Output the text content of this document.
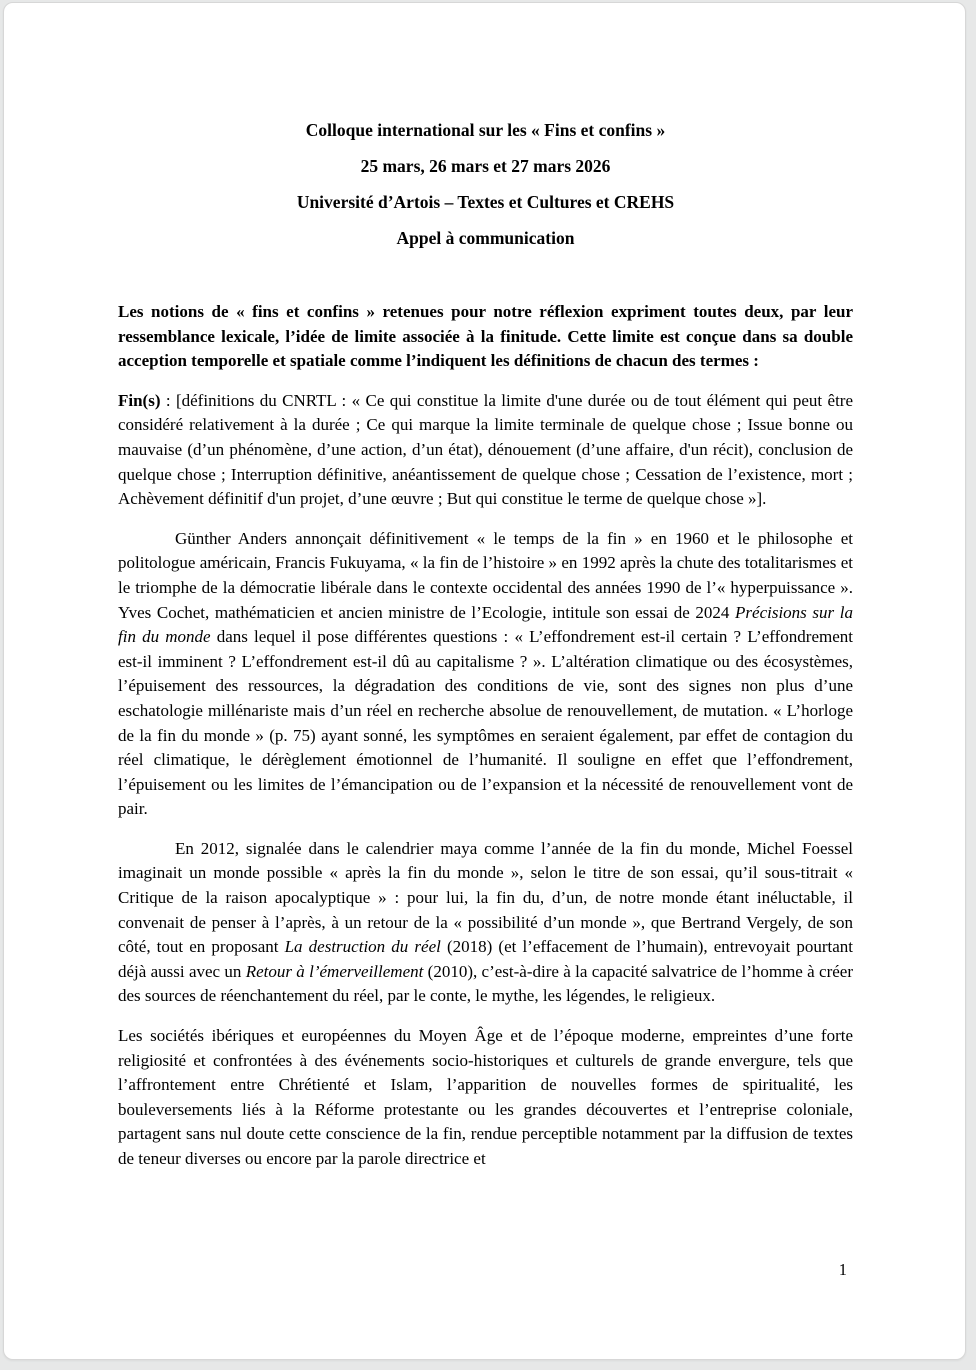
Colloque international sur les « Fins et confins »
25 mars, 26 mars et 27 mars 2026
Université d’Artois – Textes et Cultures et CREHS
Appel à communication

Les notions de « fins et confins » retenues pour notre réflexion expriment toutes deux, par leur ressemblance lexicale, l’idée de limite associée à la finitude. Cette limite est conçue dans sa double acception temporelle et spatiale comme l’indiquent les définitions de chacun des termes :

Fin(s) : [définitions du CNRTL : « Ce qui constitue la limite d'une durée ou de tout élément qui peut être considéré relativement à la durée ; Ce qui marque la limite terminale de quelque chose ; Issue bonne ou mauvaise (d’un phénomène, d’une action, d’un état), dénouement (d’une affaire, d'un récit), conclusion de quelque chose ; Interruption définitive, anéantissement de quelque chose ; Cessation de l’existence, mort ; Achèvement définitif d'un projet, d’une œuvre ; But qui constitue le terme de quelque chose »].

Günther Anders annonçait définitivement « le temps de la fin » en 1960 et le philosophe et politologue américain, Francis Fukuyama, « la fin de l’histoire » en 1992 après la chute des totalitarismes et le triomphe de la démocratie libérale dans le contexte occidental des années 1990 de l’« hyperpuissance ». Yves Cochet, mathématicien et ancien ministre de l’Ecologie, intitule son essai de 2024 Précisions sur la fin du monde dans lequel il pose différentes questions : « L’effondrement est-il certain ? L’effondrement est-il imminent ? L’effondrement est-il dû au capitalisme ? ». L’altération climatique ou des écosystèmes, l’épuisement des ressources, la dégradation des conditions de vie, sont des signes non plus d’une eschatologie millénariste mais d’un réel en recherche absolue de renouvellement, de mutation. « L’horloge de la fin du monde » (p. 75) ayant sonné, les symptômes en seraient également, par effet de contagion du réel climatique, le dérèglement émotionnel de l’humanité. Il souligne en effet que l’effondrement, l’épuisement ou les limites de l’émancipation ou de l’expansion et la nécessité de renouvellement vont de pair.

En 2012, signalée dans le calendrier maya comme l’année de la fin du monde, Michel Foessel imaginait un monde possible « après la fin du monde », selon le titre de son essai, qu’il sous-titrait « Critique de la raison apocalyptique » : pour lui, la fin du, d’un, de notre monde étant inéluctable, il convenait de penser à l’après, à un retour de la « possibilité d’un monde », que Bertrand Vergely, de son côté, tout en proposant La destruction du réel (2018) (et l’effacement de l’humain), entrevoyait pourtant déjà aussi avec un Retour à l’émerveillement (2010), c’est-à-dire à la capacité salvatrice de l’homme à créer des sources de réenchantement du réel, par le conte, le mythe, les légendes, le religieux.

Les sociétés ibériques et européennes du Moyen Âge et de l’époque moderne, empreintes d’une forte religiosité et confrontées à des événements socio-historiques et culturels de grande envergure, tels que l’affrontement entre Chrétienté et Islam, l’apparition de nouvelles formes de spiritualité, les bouleversements liés à la Réforme protestante ou les grandes découvertes et l’entreprise coloniale, partagent sans nul doute cette conscience de la fin, rendue perceptible notamment par la diffusion de textes de teneur diverses ou encore par la parole directrice et

1
